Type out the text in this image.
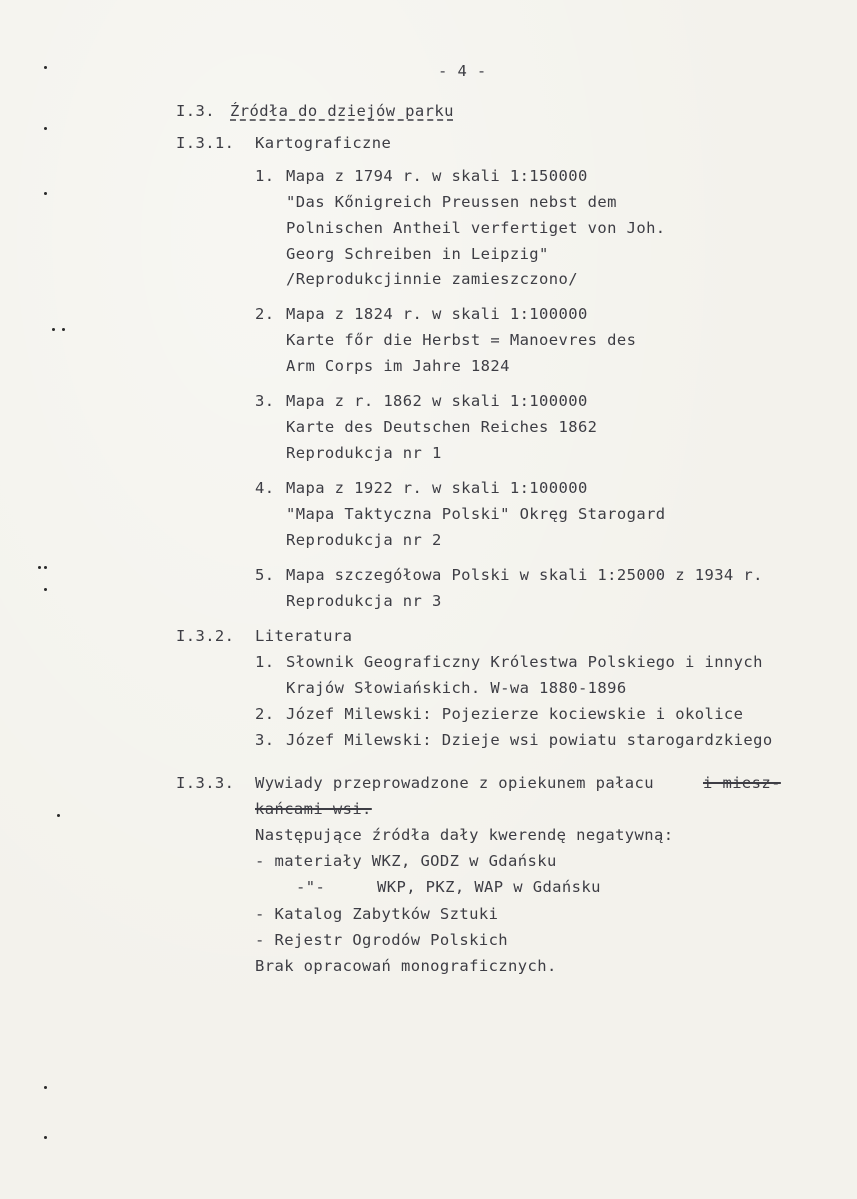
- 4 -
I.3. Źródła do dziejów parku
I.3.1. Kartograficzne
1. Mapa z 1794 r. w skali 1:150000
"Das Kőnigreich Preussen nebst dem
Polnischen Antheil verfertiget von Joh.
Georg Schreiben in Leipzig"
/Reprodukcjinnie zamieszczono/
2. Mapa z 1824 r. w skali 1:100000
Karte főr die Herbst = Manoevres des
Arm Corps im Jahre 1824
3. Mapa z r. 1862 w skali 1:100000
Karte des Deutschen Reiches 1862
Reprodukcja nr 1
4. Mapa z 1922 r. w skali 1:100000
"Mapa Taktyczna Polski" Okręg Starogard
Reprodukcja nr 2
5. Mapa szczegółowa Polski w skali 1:25000 z 1934 r.
Reprodukcja nr 3
I.3.2. Literatura
1. Słownik Geograficzny Królestwa Polskiego i innych
Krajów Słowiańskich. W-wa 1880-1896
2. Józef Milewski: Pojezierze kociewskie i okolice
3. Józef Milewski: Dzieje wsi powiatu starogardzkiego
I.3.3. Wywiady przeprowadzone z opiekunem pałacu	i miesz-
kańcami wsi.
Następujące źródła dały kwerendę negatywną:
- materiały WKZ, GODZ w Gdańsku
-"-	WKP, PKZ, WAP w Gdańsku
- Katalog Zabytków Sztuki
- Rejestr Ogrodów Polskich
Brak opracowań monograficznych.
